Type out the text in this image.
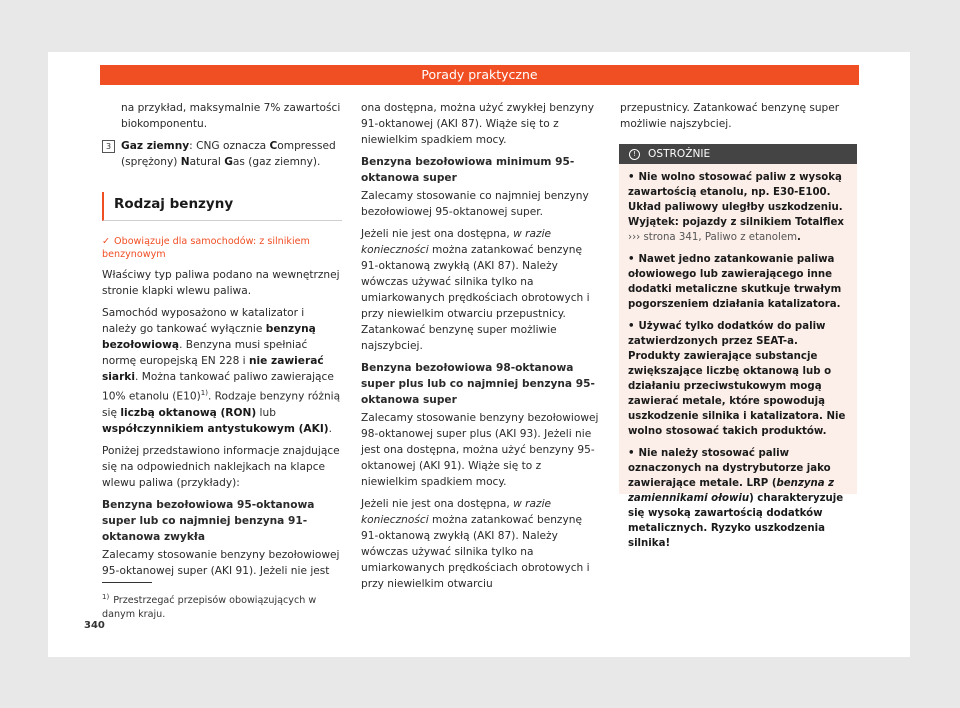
Porady praktyczne

na przykład, maksymalnie 7% zawartości biokomponentu.

3 Gaz ziemny: CNG oznacza Compressed (sprężony) Natural Gas (gaz ziemny).
Rodzaj benzyny

✓ Obowiązuje dla samochodów: z silnikiem benzynowym

Właściwy typ paliwa podano na wewnętrznej stronie klapki wlewu paliwa.

Samochód wyposażono w katalizator i należy go tankować wyłącznie benzyną bezołowiową. Benzyna musi spełniać normę europejską EN 228 i nie zawierać siarki. Można tankować paliwo zawierające 10% etanolu $(E10)^{1)}$. Rodzaje benzyny różnią się liczbą oktanową (RON) lub współczynnikiem antystukowym (AKI).

Poniżej przedstawiono informacje znajdujące się na odpowiednich naklejkach na klapce wlewu paliwa (przykłady):

Benzyna bezołowiowa 95-oktanowa super lub co najmniej benzyna 91-oktanowa zwykła

Zalecamy stosowanie benzyny bezołowiowej 95-oktanowej super (AKI 91). Jeżeli nie jest

ona dostępna, można użyć zwykłej benzyny 91-oktanowej (AKI 87). Wiąże się to z niewielkim spadkiem mocy.

Benzyna bezołowiowa minimum 95-oktanowa super

Zalecamy stosowanie co najmniej benzyny bezołowiowej 95-oktanowej super.

Jeżeli nie jest ona dostępna, w razie konieczności można zatankować benzynę 91-oktanową zwykłą (AKI 87). Należy wówczas używać silnika tylko na umiarkowanych prędkościach obrotowych i przy niewielkim otwarciu przepustnicy. Zatankować benzynę super możliwie najszybciej.

Benzyna bezołowiowa 98-oktanowa super plus lub co najmniej benzyna 95-oktanowa super

Zalecamy stosowanie benzyny bezołowiowej 98-oktanowej super plus (AKI 93). Jeżeli nie jest ona dostępna, można użyć benzyny 95-oktanowej (AKI 91). Wiąże się to z niewielkim spadkiem mocy.

Jeżeli nie jest ona dostępna, w razie konieczności można zatankować benzynę 91-oktanową zwykłą (AKI 87). Należy wówczas używać silnika tylko na umiarkowanych prędkościach obrotowych i przy niewielkim otwarciu

przepustnicy. Zatankować benzynę super możliwie najszybciej.

! OSTROŻNIE
• Nie wolno stosować paliw z wysoką zawartością etanolu, np. E30-E100. Układ paliwowy uległby uszkodzeniu. Wyjątek: pojazdy z silnikiem Totalflex ››› strona 341, Paliwo z etanolem.
• Nawet jedno zatankowanie paliwa ołowiowego lub zawierającego inne dodatki metaliczne skutkuje trwałym pogorszeniem działania katalizatora.
• Używać tylko dodatków do paliw zatwierdzonych przez SEAT-a. Produkty zawierające substancje zwiększające liczbę oktanową lub o działaniu przeciwstukowym mogą zawierać metale, które spowodują uszkodzenie silnika i katalizatora. Nie wolno stosować takich produktów.
• Nie należy stosować paliw oznaczonych na dystrybutorze jako zawierające metale. LRP (benzyna z zamiennikami ołowiu) charakteryzuje się wysoką zawartością dodatków metalicznych. Ryzyko uszkodzenia silnika!
$^{1)}$ Przestrzegać przepisów obowiązujących w danym kraju.
340
